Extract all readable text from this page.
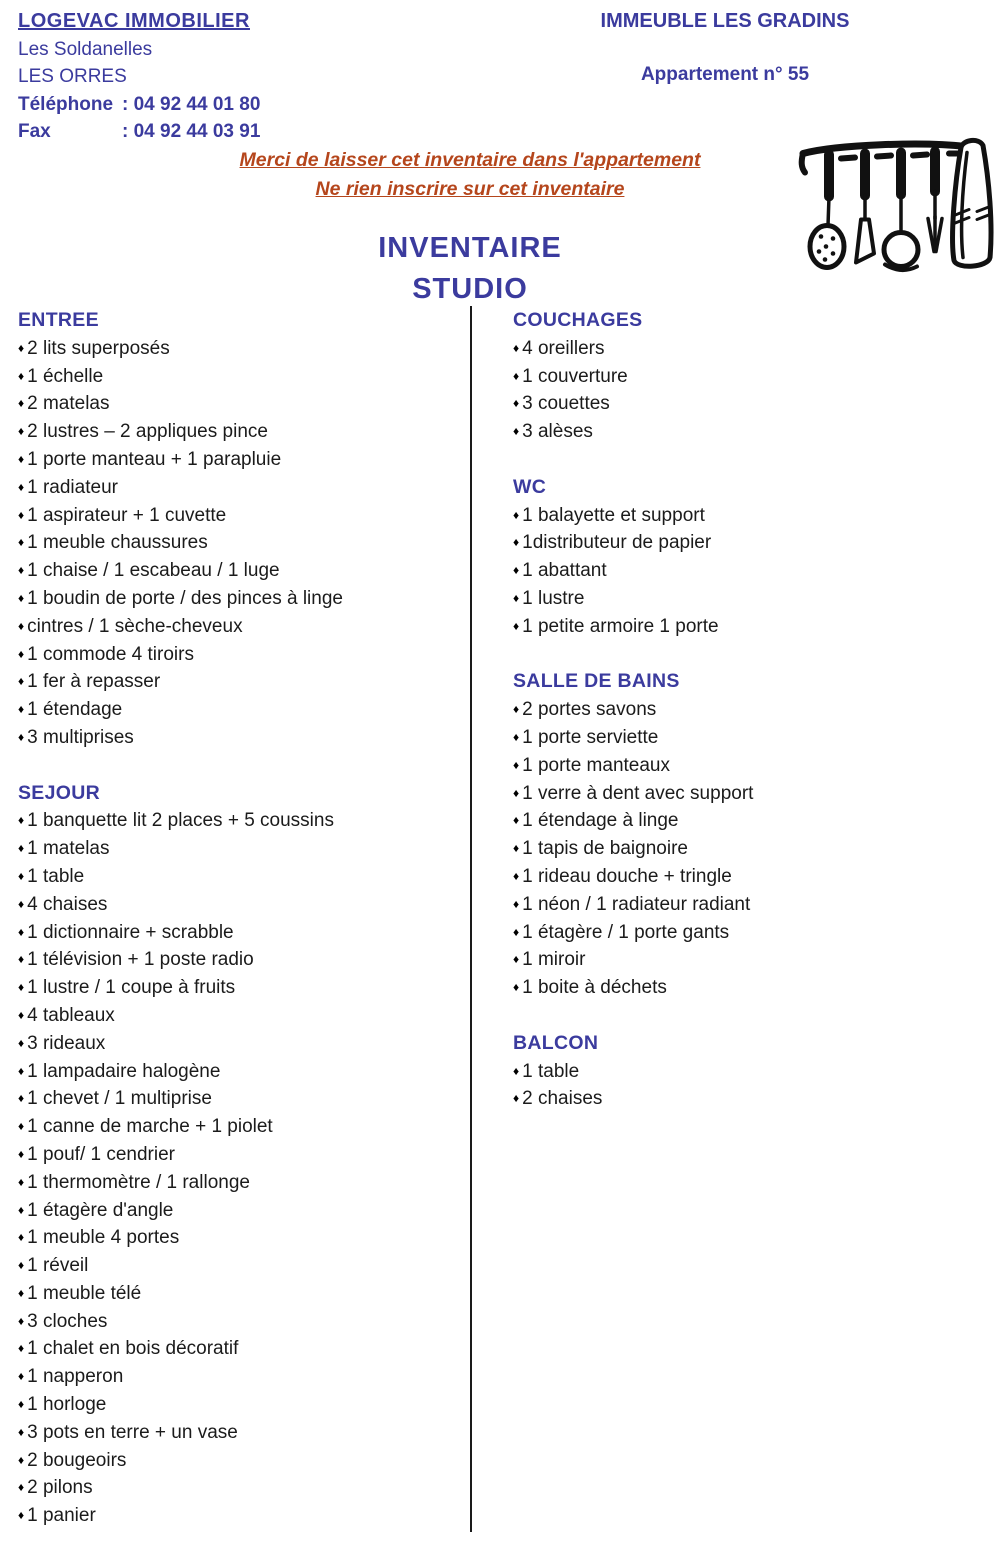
LOGEVAC IMMOBILIER
Les Soldanelles
LES ORRES
Téléphone : 04 92 44 01 80
Fax	: 04 92 44 03 91
IMMEUBLE LES GRADINS
Appartement n° 55
Merci de laisser cet inventaire dans l'appartement
Ne rien inscrire sur cet inventaire
INVENTAIRE
STUDIO
ENTREE
♦ 2 lits superposés
♦ 1 échelle
♦ 2 matelas
♦ 2 lustres – 2 appliques pince
♦ 1 porte manteau + 1 parapluie
♦ 1 radiateur
♦ 1 aspirateur + 1 cuvette
♦ 1 meuble chaussures
♦ 1 chaise / 1 escabeau / 1 luge
♦ 1 boudin de porte / des pinces à linge
♦ cintres / 1 sèche-cheveux
♦ 1 commode 4 tiroirs
♦ 1 fer à repasser
♦ 1 étendage
♦ 3 multiprises
SEJOUR
♦ 1 banquette lit 2 places + 5 coussins
♦ 1 matelas
♦ 1 table
♦ 4 chaises
♦ 1 dictionnaire + scrabble
♦ 1 télévision + 1 poste radio
♦ 1 lustre / 1 coupe à fruits
♦ 4 tableaux
♦ 3 rideaux
♦ 1 lampadaire halogène
♦ 1 chevet / 1 multiprise
♦ 1 canne de marche + 1 piolet
♦ 1 pouf/ 1 cendrier
♦ 1 thermomètre / 1 rallonge
♦ 1 étagère d'angle
♦ 1 meuble 4 portes
♦ 1 réveil
♦ 1 meuble télé
♦ 3 cloches
♦ 1 chalet en bois décoratif
♦ 1 napperon
♦ 1 horloge
♦ 3 pots en terre + un vase
♦ 2 bougeoirs
♦ 2 pilons
♦ 1 panier
COUCHAGES
♦ 4 oreillers
♦ 1 couverture
♦ 3 couettes
♦ 3 alèses
WC
♦ 1 balayette et support
♦ 1distributeur de papier
♦ 1 abattant
♦ 1 lustre
♦ 1 petite armoire 1 porte
SALLE DE BAINS
♦ 2 portes savons
♦ 1 porte serviette
♦ 1 porte manteaux
♦ 1 verre à dent avec support
♦ 1 étendage à linge
♦ 1 tapis de baignoire
♦ 1 rideau douche + tringle
♦ 1 néon / 1 radiateur radiant
♦ 1 étagère / 1 porte gants
♦ 1 miroir
♦ 1 boite à déchets
BALCON
♦ 1 table
♦ 2 chaises
